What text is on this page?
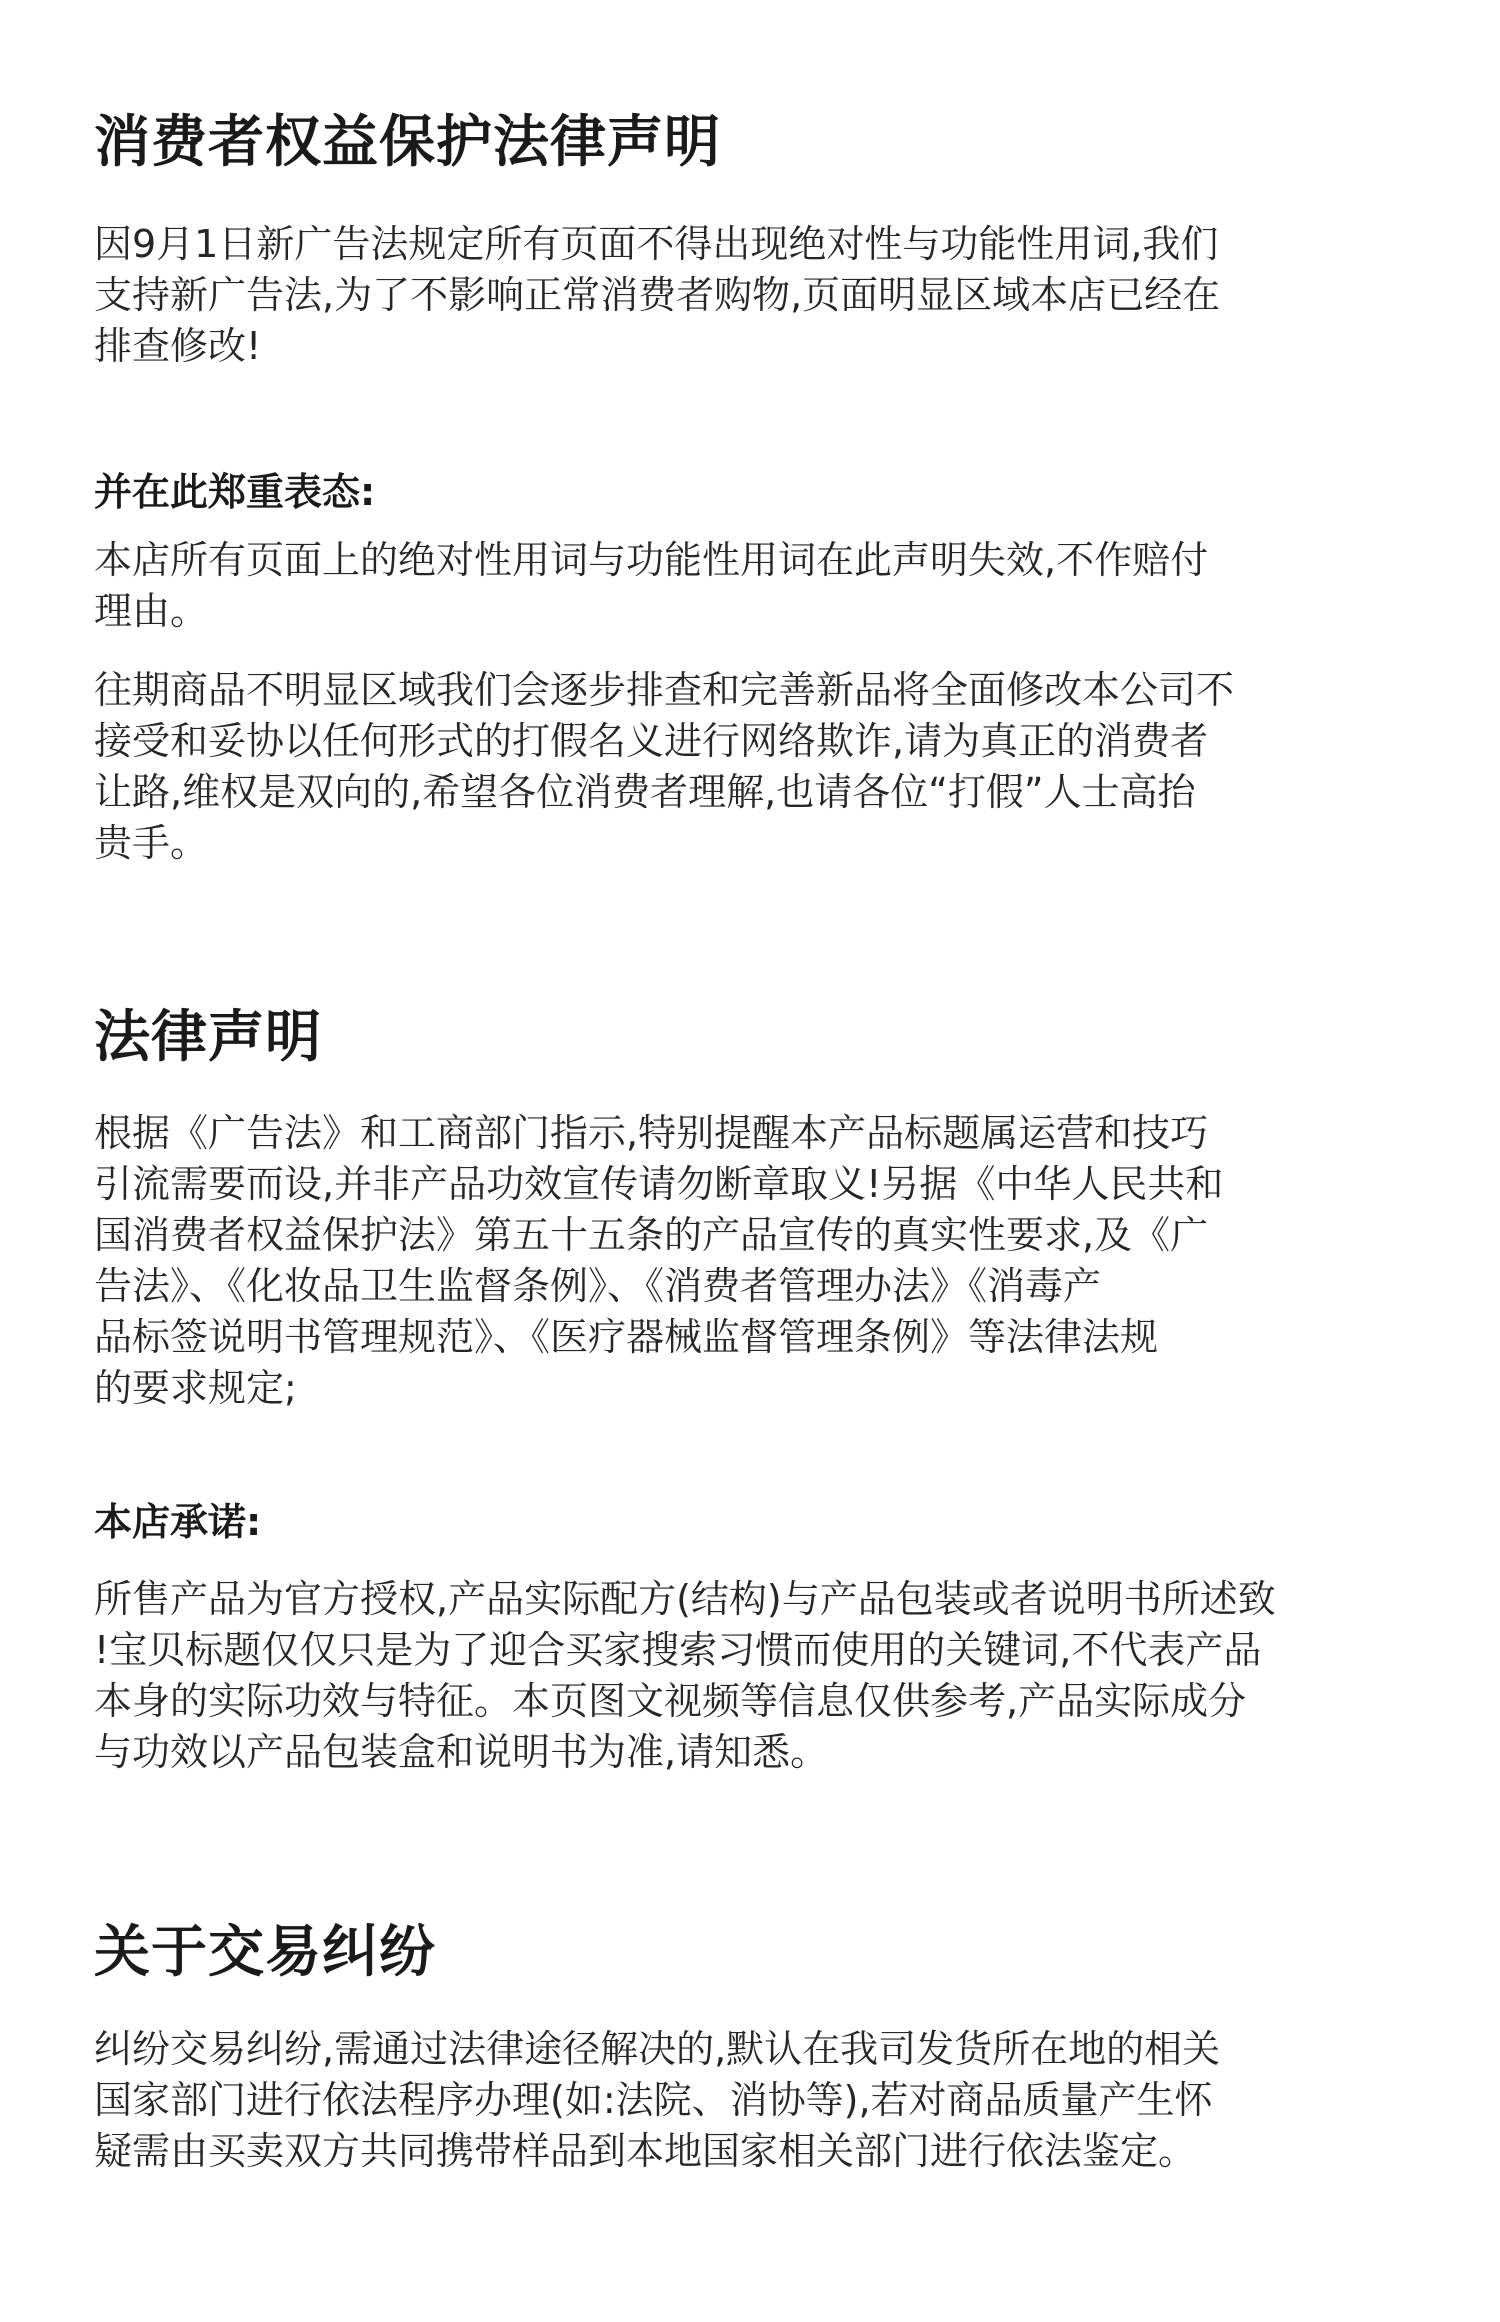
消费者权益保护法律声明

因9月1日新广告法规定所有页面不得出现绝对性与功能性用词,我们
支持新广告法,为了不影响正常消费者购物,页面明显区域本店已经在
排查修改!

并在此郑重表态:

本店所有页面上的绝对性用词与功能性用词在此声明失效,不作赔付
理由。

往期商品不明显区域我们会逐步排查和完善新品将全面修改本公司不
接受和妥协以任何形式的打假名义进行网络欺诈,请为真正的消费者
让路,维权是双向的,希望各位消费者理解,也请各位“打假”人士高抬
贵手。

法律声明

根据《广告法》和工商部门指示,特别提醒本产品标题属运营和技巧
引流需要而设,并非产品功效宣传请勿断章取义!另据《中华人民共和
国消费者权益保护法》第五十五条的产品宣传的真实性要求,及《广
告法》、《化妆品卫生监督条例》、《消费者管理办法》《消毒产
品标签说明书管理规范》、《医疗器械监督管理条例》等法律法规
的要求规定;

本店承诺:

所售产品为官方授权,产品实际配方(结构)与产品包装或者说明书所述致
!宝贝标题仅仅只是为了迎合买家搜索习惯而使用的关键词,不代表产品
本身的实际功效与特征。本页图文视频等信息仅供参考,产品实际成分
与功效以产品包装盒和说明书为准,请知悉。

关于交易纠纷

纠纷交易纠纷,需通过法律途径解决的,默认在我司发货所在地的相关
国家部门进行依法程序办理(如:法院、消协等),若对商品质量产生怀
疑需由买卖双方共同携带样品到本地国家相关部门进行依法鉴定。
